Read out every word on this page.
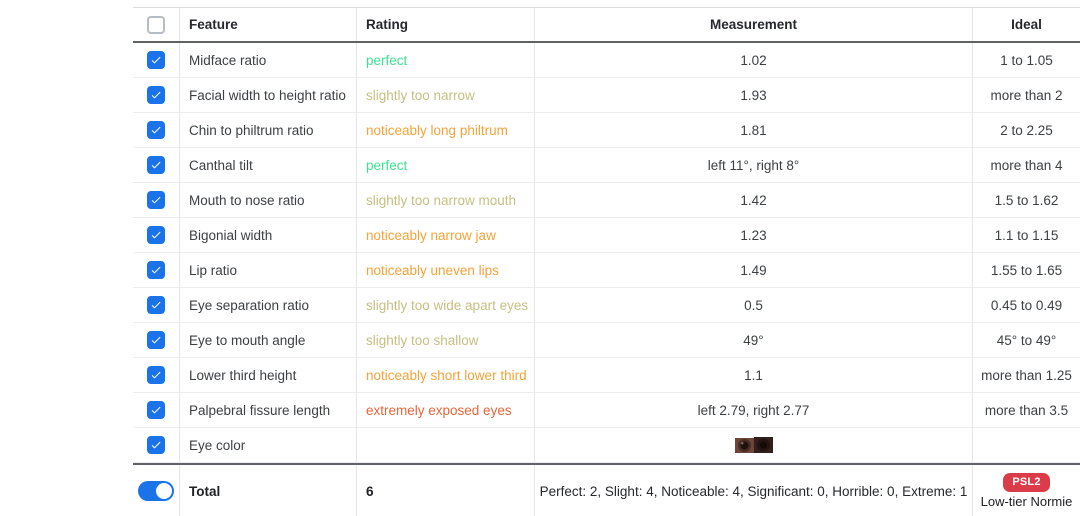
Feature	Rating	Measurement	Ideal
Midface ratio	perfect	1.02	1 to 1.05
Facial width to height ratio	slightly too narrow	1.93	more than 2
Chin to philtrum ratio	noticeably long philtrum	1.81	2 to 2.25
Canthal tilt	perfect	left 11°, right 8°	more than 4
Mouth to nose ratio	slightly too narrow mouth	1.42	1.5 to 1.62
Bigonial width	noticeably narrow jaw	1.23	1.1 to 1.15
Lip ratio	noticeably uneven lips	1.49	1.55 to 1.65
Eye separation ratio	slightly too wide apart eyes	0.5	0.45 to 0.49
Eye to mouth angle	slightly too shallow	49°	45° to 49°
Lower third height	noticeably short lower third	1.1	more than 1.25
Palpebral fissure length	extremely exposed eyes	left 2.79, right 2.77	more than 3.5
Eye color
Total	6	Perfect: 2, Slight: 4, Noticeable: 4, Significant: 0, Horrible: 0, Extreme: 1
PSL2
Low-tier Normie
